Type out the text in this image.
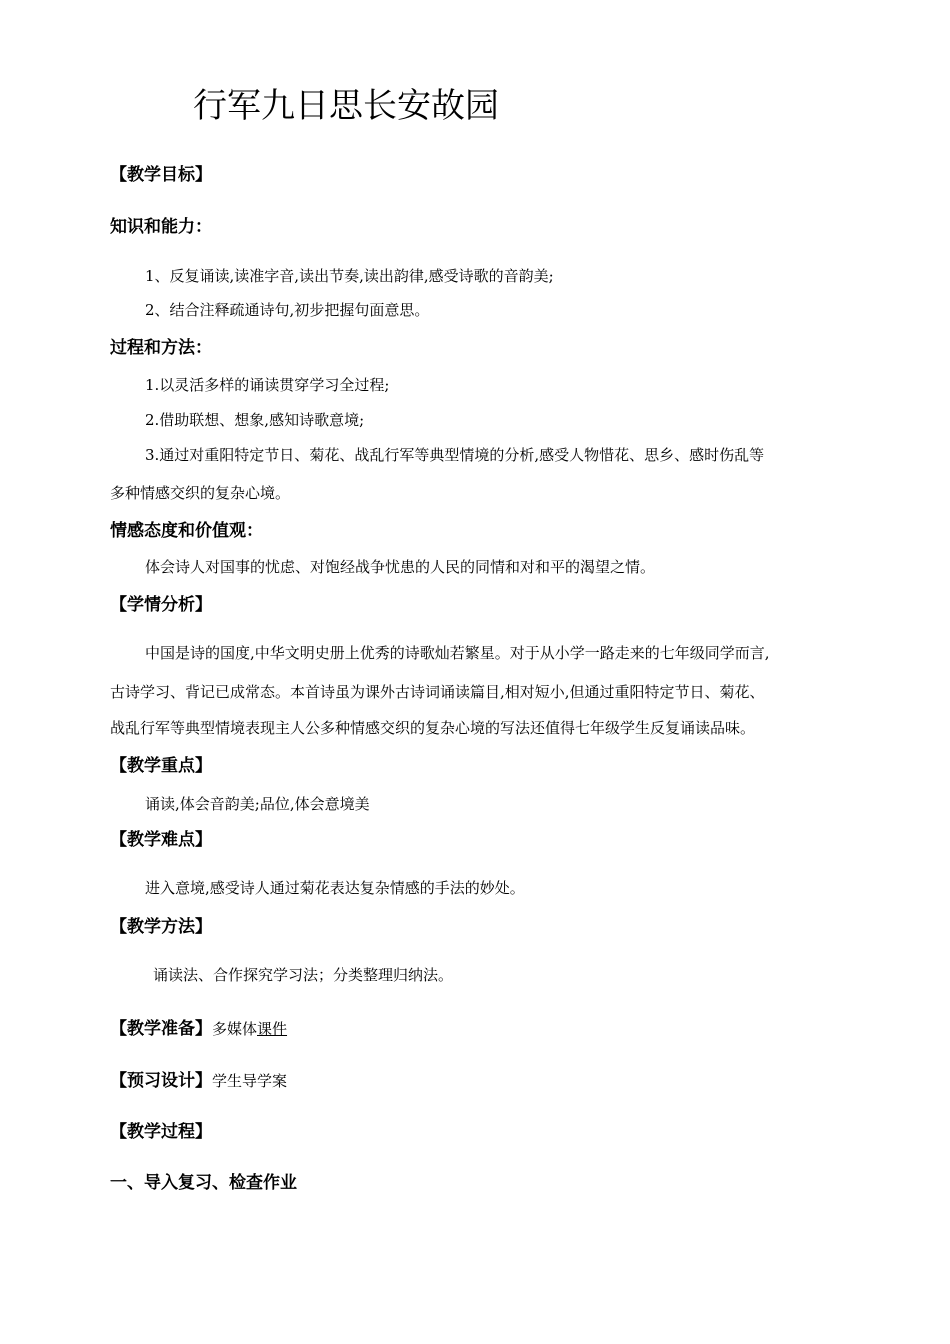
行军九日思长安故园
【教学目标】
知识和能力：
1、反复诵读,读准字音,读出节奏,读出韵律,感受诗歌的音韵美;
2、结合注释疏通诗句,初步把握句面意思。
过程和方法：
1.以灵活多样的诵读贯穿学习全过程;
2.借助联想、想象,感知诗歌意境;
3.通过对重阳特定节日、菊花、战乱行军等典型情境的分析,感受人物惜花、思乡、感时伤乱等
多种情感交织的复杂心境。
情感态度和价值观：
体会诗人对国事的忧虑、对饱经战争忧患的人民的同情和对和平的渴望之情。
【学情分析】
中国是诗的国度,中华文明史册上优秀的诗歌灿若繁星。对于从小学一路走来的七年级同学而言,
古诗学习、背记已成常态。本首诗虽为课外古诗词诵读篇目,相对短小,但通过重阳特定节日、菊花、
战乱行军等典型情境表现主人公多种情感交织的复杂心境的写法还值得七年级学生反复诵读品味。
【教学重点】
诵读,体会音韵美;品位,体会意境美
【教学难点】
进入意境,感受诗人通过菊花表达复杂情感的手法的妙处。
【教学方法】
诵读法、合作探究学习法；分类整理归纳法。
【教学准备】多媒体课件
【预习设计】学生导学案
【教学过程】
一、导入复习、检查作业
